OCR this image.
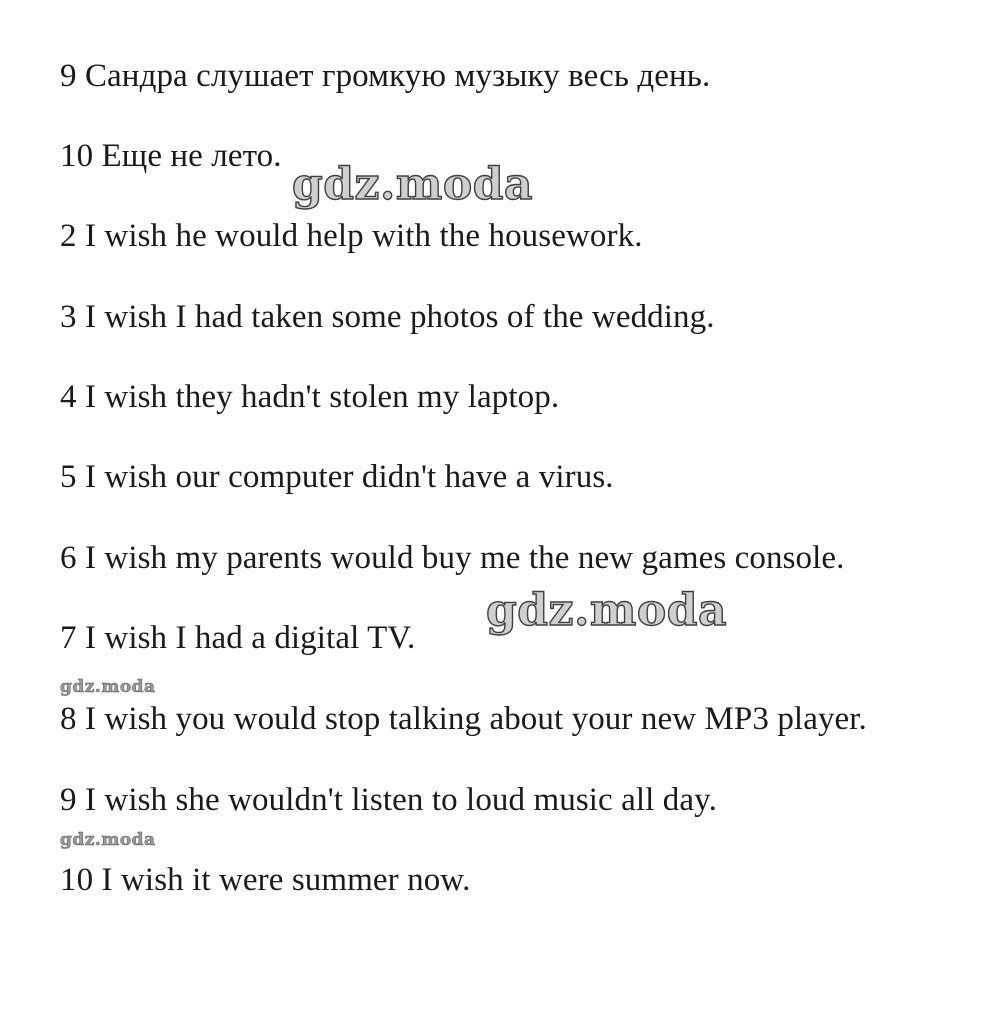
9 Сандра слушает громкую музыку весь день.
10 Еще не лето.
2 I wish he would help with the housework.
3 I wish I had taken some photos of the wedding.
4 I wish they hadn't stolen my laptop.
5 I wish our computer didn't have a virus.
6 I wish my parents would buy me the new games console.
7 I wish I had a digital TV.
8 I wish you would stop talking about your new MP3 player.
9 I wish she wouldn't listen to loud music all day.
10 I wish it were summer now.
gdz.moda
gdz.moda
gdz.moda
gdz.moda
